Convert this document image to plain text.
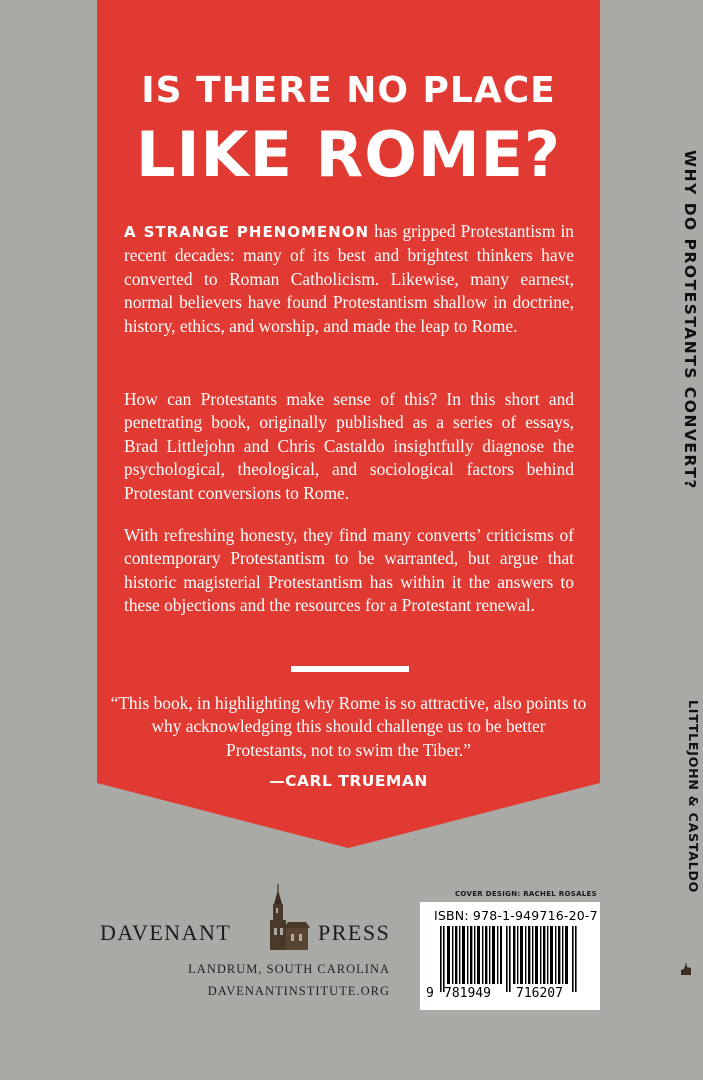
IS THERE NO PLACE
LIKE ROME?

A STRANGE PHENOMENON has gripped Protestantism in recent decades: many of its best and brightest thinkers have converted to Roman Catholicism. Likewise, many earnest, normal believers have found Protestantism shallow in doctrine, history, ethics, and worship, and made the leap to Rome.

How can Protestants make sense of this? In this short and penetrating book, originally published as a series of essays, Brad Littlejohn and Chris Castaldo insightfully diagnose the psychological, theological, and sociological factors behind Protestant conversions to Rome.

With refreshing honesty, they find many converts’ criticisms of contemporary Protestantism to be warranted, but argue that historic magisterial Protestantism has within it the answers to these objections and the resources for a Protestant renewal.

“This book, in highlighting why Rome is so attractive, also points to why acknowledging this should challenge us to be better Protestants, not to swim the Tiber.”

—CARL TRUEMAN
WHY DO PROTESTANTS CONVERT?
LITTLEJOHN & CASTALDO
DAVENANT	PRESS
LANDRUM, SOUTH CAROLINA
DAVENANTINSTITUTE.ORG
COVER DESIGN: RACHEL ROSALES
ISBN: 978-1-949716-20-7
9 781949 716207
